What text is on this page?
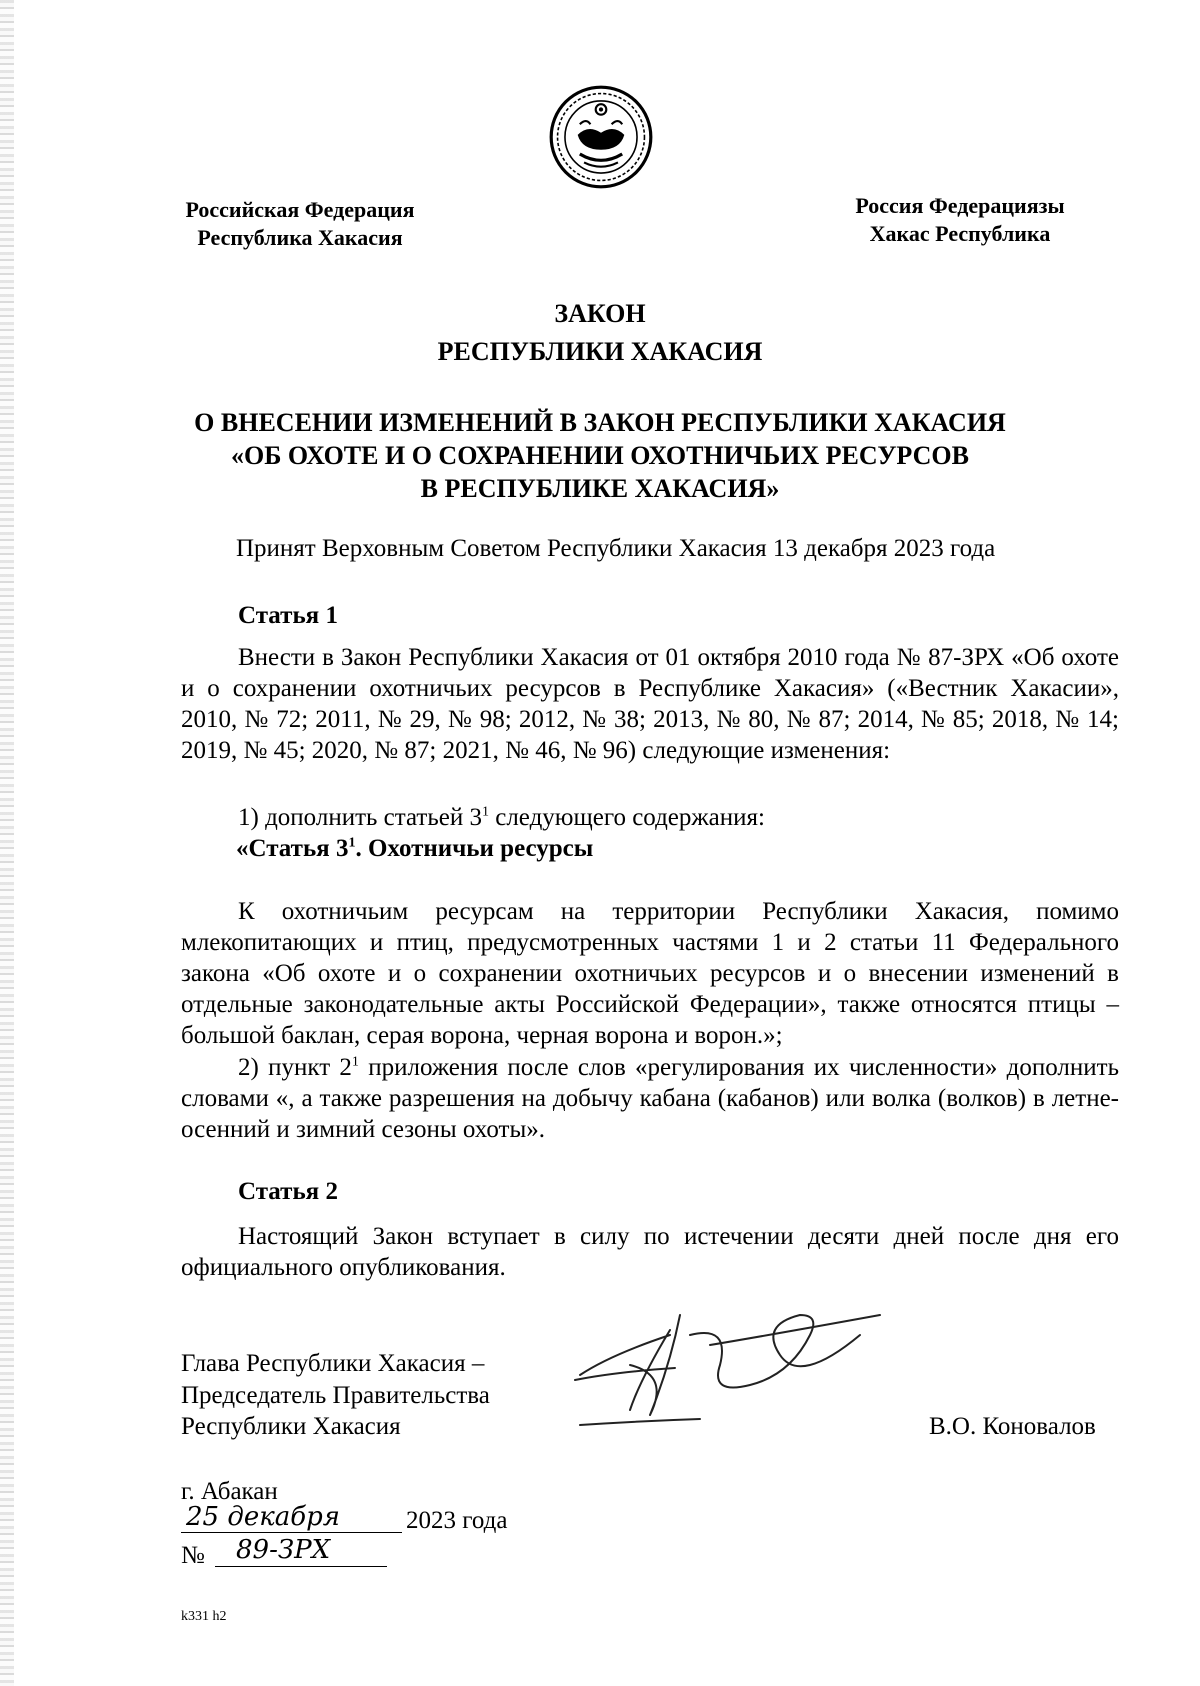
Российская Федерация
Республика Хакасия
Россия Федерациязы
Хакас Республика
ЗАКОН
РЕСПУБЛИКИ ХАКАСИЯ
О ВНЕСЕНИИ ИЗМЕНЕНИЙ В ЗАКОН РЕСПУБЛИКИ ХАКАСИЯ
«ОБ ОХОТЕ И О СОХРАНЕНИИ ОХОТНИЧЬИХ РЕСУРСОВ
В РЕСПУБЛИКЕ ХАКАСИЯ»
Принят Верховным Советом Республики Хакасия 13 декабря 2023 года
Статья 1
Внести в Закон Республики Хакасия от 01 октября 2010 года № 87-ЗРХ «Об охоте и о сохранении охотничьих ресурсов в Республике Хакасия» («Вестник Хакасии», 2010, № 72; 2011, № 29, № 98; 2012, № 38; 2013, № 80, № 87; 2014, № 85; 2018, № 14; 2019, № 45; 2020, № 87; 2021, № 46, № 96) следующие изменения:
1) дополнить статьей $3^1$ следующего содержания:
«Статья $3^1$. Охотничьи ресурсы
К охотничьим ресурсам на территории Республики Хакасия, помимо млекопитающих и птиц, предусмотренных частями 1 и 2 статьи 11 Федерального закона «Об охоте и о сохранении охотничьих ресурсов и о внесении изменений в отдельные законодательные акты Российской Федерации», также относятся птицы – большой баклан, серая ворона, черная ворона и ворон.»;
2) пункт $2^1$ приложения после слов «регулирования их численности» дополнить словами «, а также разрешения на добычу кабана (кабанов) или волка (волков) в летне-осенний и зимний сезоны охоты».
Статья 2
Настоящий Закон вступает в силу по истечении десяти дней после дня его официального опубликования.
Глава Республики Хакасия –
Председатель Правительства
Республики Хакасия	В.О. Коновалов
г. Абакан
25 декабря	2023 года
№ 89-ЗРХ
k331 h2
